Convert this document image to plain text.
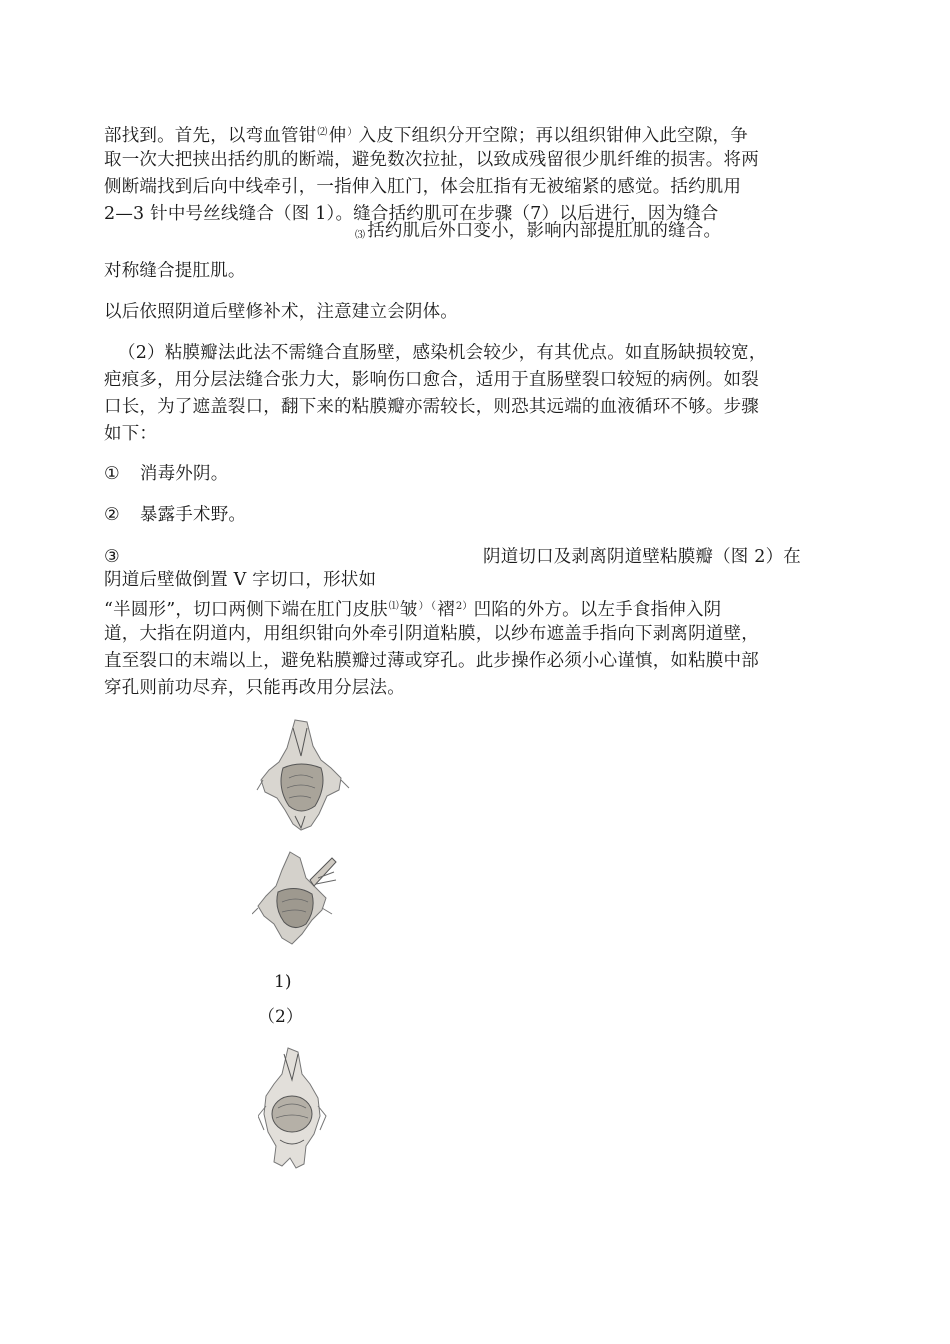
部找到。首先，以弯血管钳⑵伸）入皮下组织分开空隙；再以组织钳伸入此空隙，争
取一次大把挟出括约肌的断端，避免数次拉扯，以致成残留很少肌纤维的损害。将两
侧断端找到后向中线牵引，一指伸入肛门，体会肛指有无被缩紧的感觉。括约肌用
2—3 针中号丝线缝合（图 1）。缝合括约肌可在步骤（7）以后进行，因为缝合
⑶ 括约肌后外口变小，影响内部提肛肌的缝合。
对称缝合提肛肌。
以后依照阴道后壁修补术，注意建立会阴体。
（2）粘膜瓣法此法不需缝合直肠壁，感染机会较少，有其优点。如直肠缺损较宽，
疤痕多，用分层法缝合张力大，影响伤口愈合，适用于直肠壁裂口较短的病例。如裂
口长，为了遮盖裂口，翻下来的粘膜瓣亦需较长，则恐其远端的血液循环不够。步骤
如下：
① 消毒外阴。
② 暴露手术野。
③	阴道切口及剥离阴道壁粘膜瓣（图 2）在
阴道后壁做倒置 V 字切口，形状如
“半圆形”，切口两侧下端在肛门皮肤⑴皱） （褶$^{2)}$凹陷的外方。以左手食指伸入阴
道，大指在阴道内，用组织钳向外牵引阴道粘膜，以纱布遮盖手指向下剥离阴道壁，
直至裂口的末端以上，避免粘膜瓣过薄或穿孔。此步操作必须小心谨慎，如粘膜中部
穿孔则前功尽弃，只能再改用分层法。
1)
（2）
